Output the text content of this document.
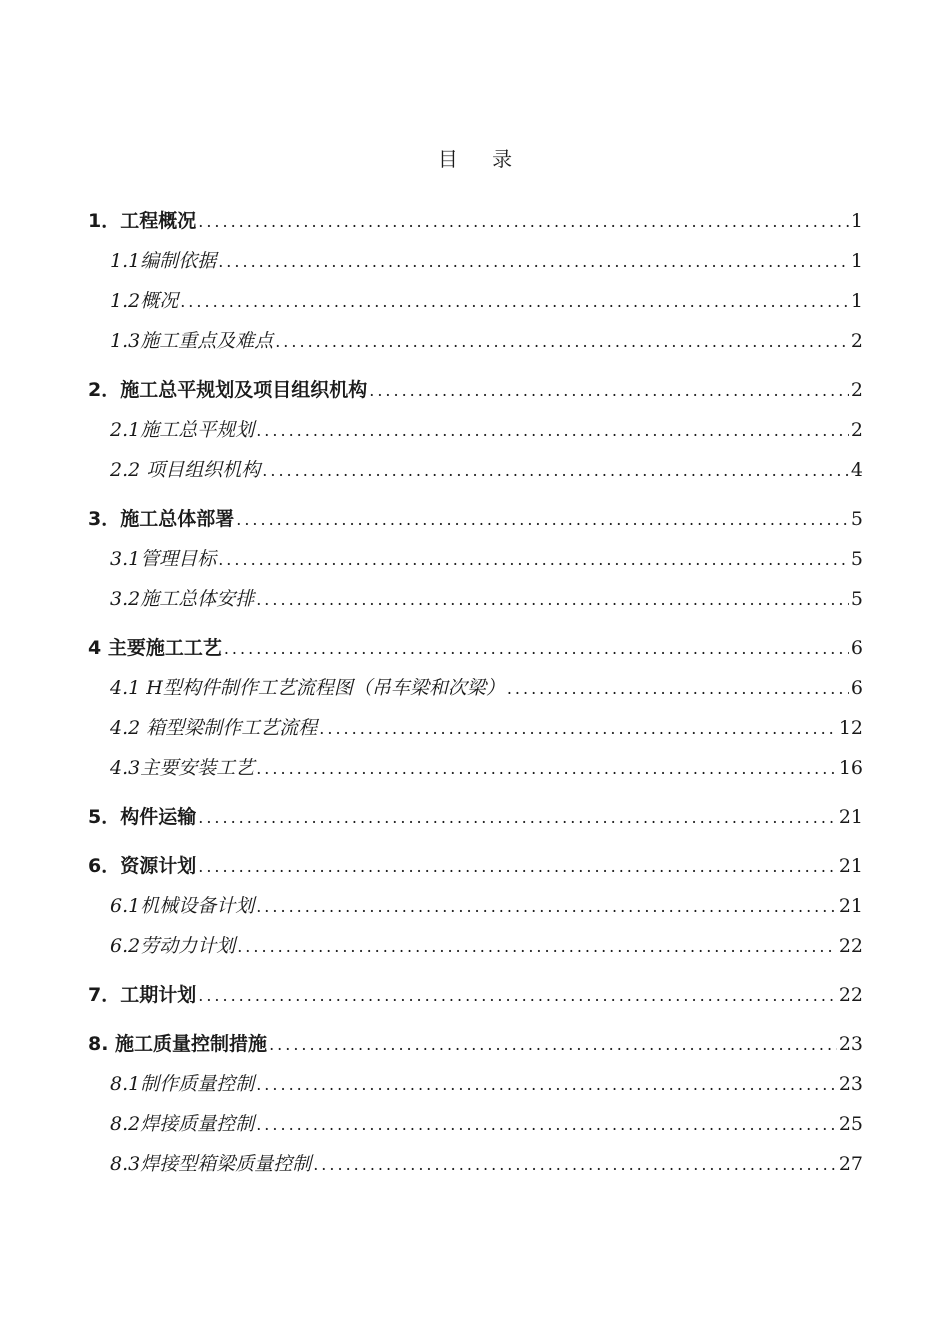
目 录
1．工程概况 .....	1
1.1编制依据 .....	1
1.2概况 .....	1
1.3施工重点及难点 .....	2
2．施工总平规划及项目组织机构 .....	2
2.1施工总平规划 .....	2
2.2 项目组织机构 .....	4
3．施工总体部署 .....	5
3.1管理目标 .....	5
3.2施工总体安排 .....	5
4 主要施工工艺 .....	6
4.1 H型构件制作工艺流程图（吊车梁和次梁） .....	6
4.2 箱型梁制作工艺流程 .....	12
4.3主要安装工艺 .....	16
5．构件运输 .....	21
6．资源计划 .....	21
6.1机械设备计划 .....	21
6.2劳动力计划 .....	22
7．工期计划 .....	22
8. 施工质量控制措施 .....	23
8.1制作质量控制 .....	23
8.2焊接质量控制 .....	25
8.3焊接型箱梁质量控制 .....	27
